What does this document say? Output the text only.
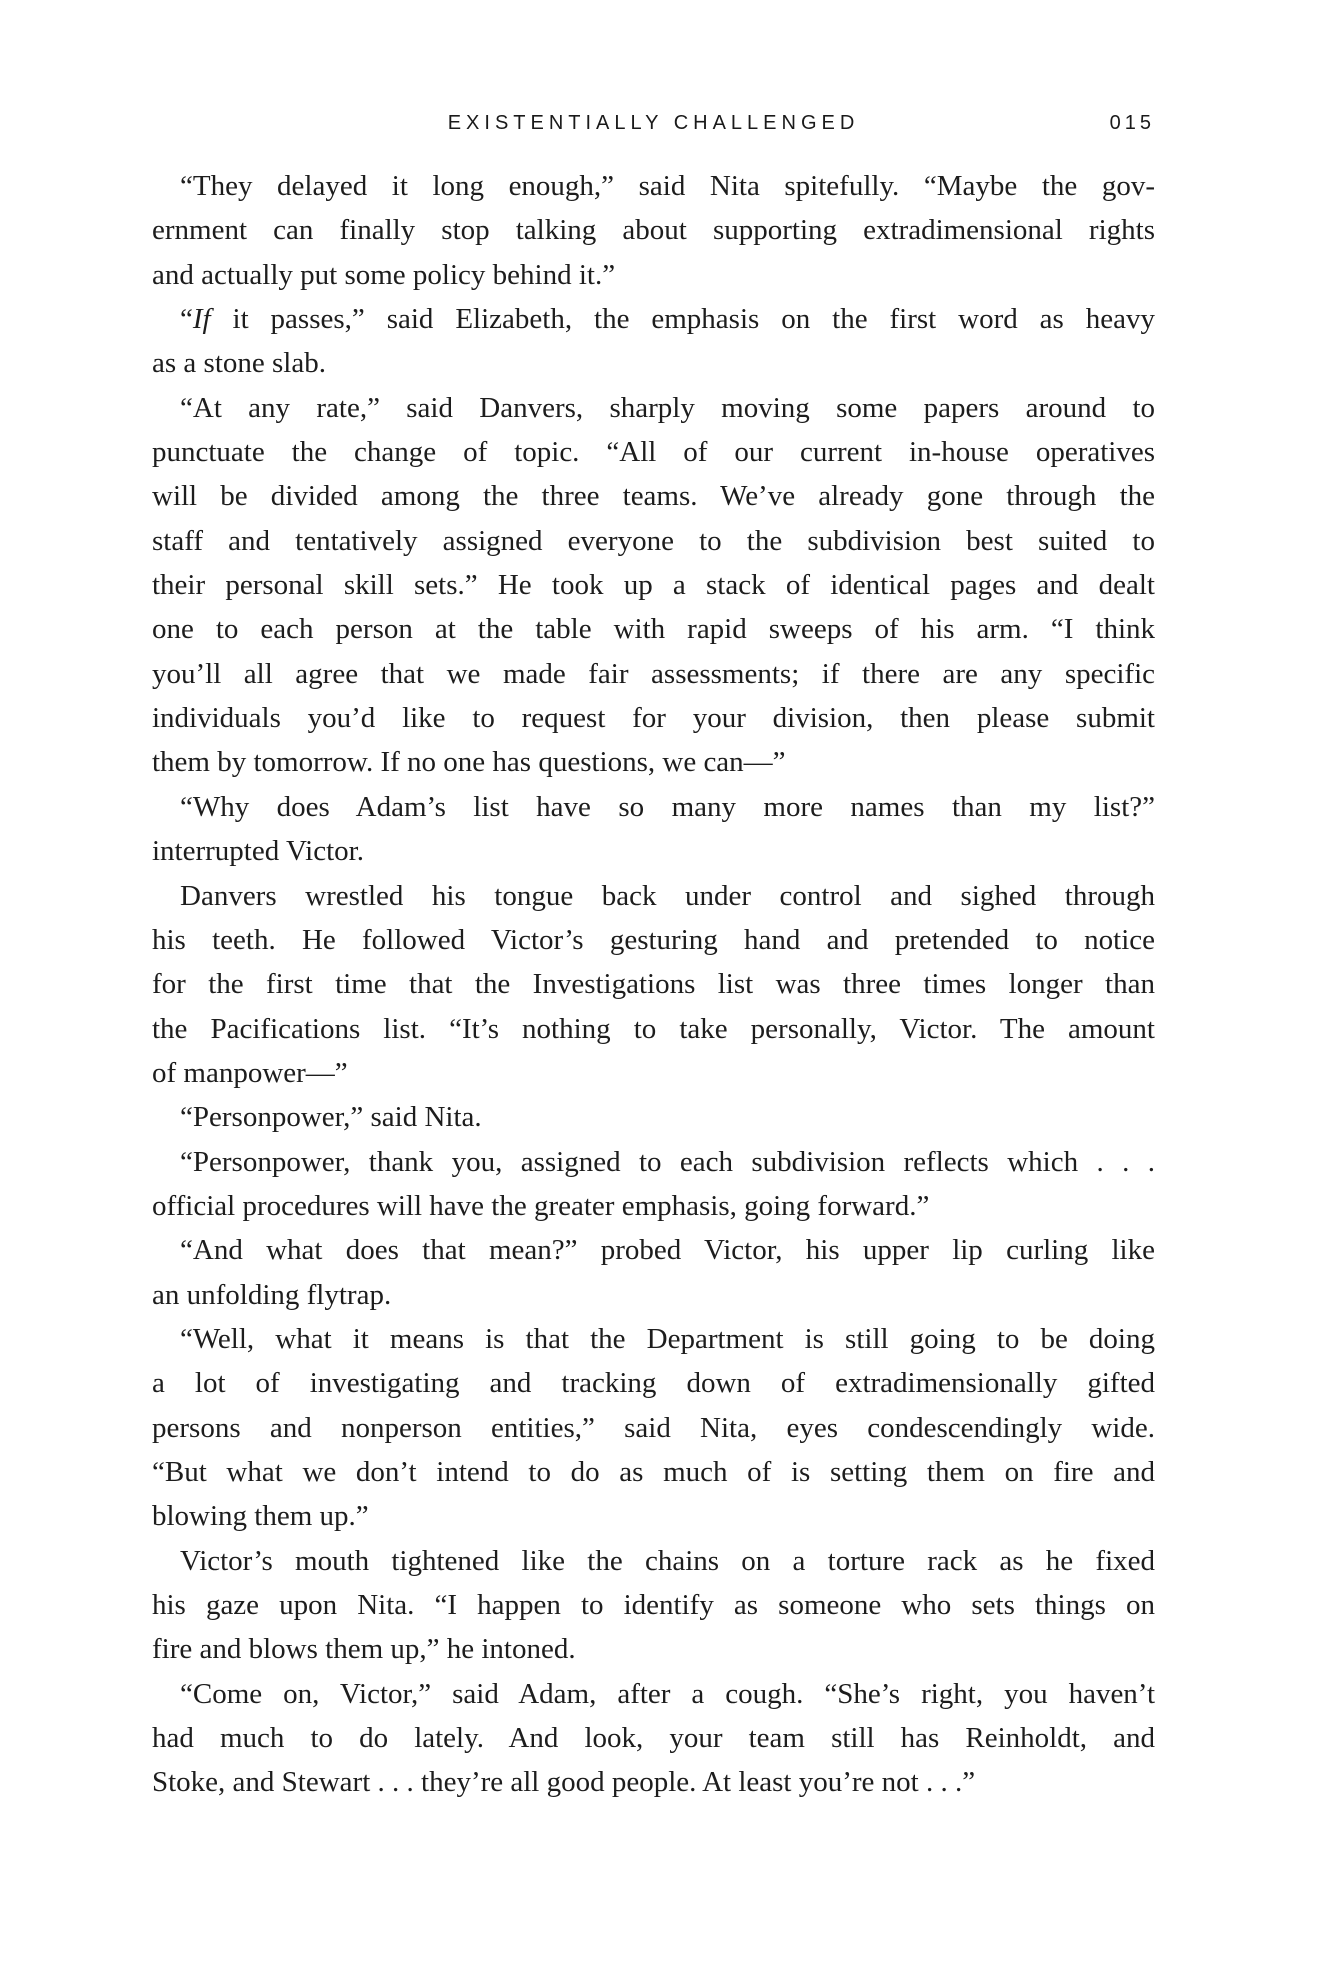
EXISTENTIALLY CHALLENGED	015
“They delayed it long enough,” said Nita spitefully. “Maybe the gov-
ernment can finally stop talking about supporting extradimensional rights
and actually put some policy behind it.”
“If it passes,” said Elizabeth, the emphasis on the first word as heavy
as a stone slab.
“At any rate,” said Danvers, sharply moving some papers around to
punctuate the change of topic. “All of our current in-house operatives
will be divided among the three teams. We’ve already gone through the
staff and tentatively assigned everyone to the subdivision best suited to
their personal skill sets.” He took up a stack of identical pages and dealt
one to each person at the table with rapid sweeps of his arm. “I think
you’ll all agree that we made fair assessments; if there are any specific
individuals you’d like to request for your division, then please submit
them by tomorrow. If no one has questions, we can—”
“Why does Adam’s list have so many more names than my list?”
interrupted Victor.
Danvers wrestled his tongue back under control and sighed through
his teeth. He followed Victor’s gesturing hand and pretended to notice
for the first time that the Investigations list was three times longer than
the Pacifications list. “It’s nothing to take personally, Victor. The amount
of manpower—”
“Personpower,” said Nita.
“Personpower, thank you, assigned to each subdivision reflects which . . .
official procedures will have the greater emphasis, going forward.”
“And what does that mean?” probed Victor, his upper lip curling like
an unfolding flytrap.
“Well, what it means is that the Department is still going to be doing
a lot of investigating and tracking down of extradimensionally gifted
persons and nonperson entities,” said Nita, eyes condescendingly wide.
“But what we don’t intend to do as much of is setting them on fire and
blowing them up.”
Victor’s mouth tightened like the chains on a torture rack as he fixed
his gaze upon Nita. “I happen to identify as someone who sets things on
fire and blows them up,” he intoned.
“Come on, Victor,” said Adam, after a cough. “She’s right, you haven’t
had much to do lately. And look, your team still has Reinholdt, and
Stoke, and Stewart . . . they’re all good people. At least you’re not . . .”
